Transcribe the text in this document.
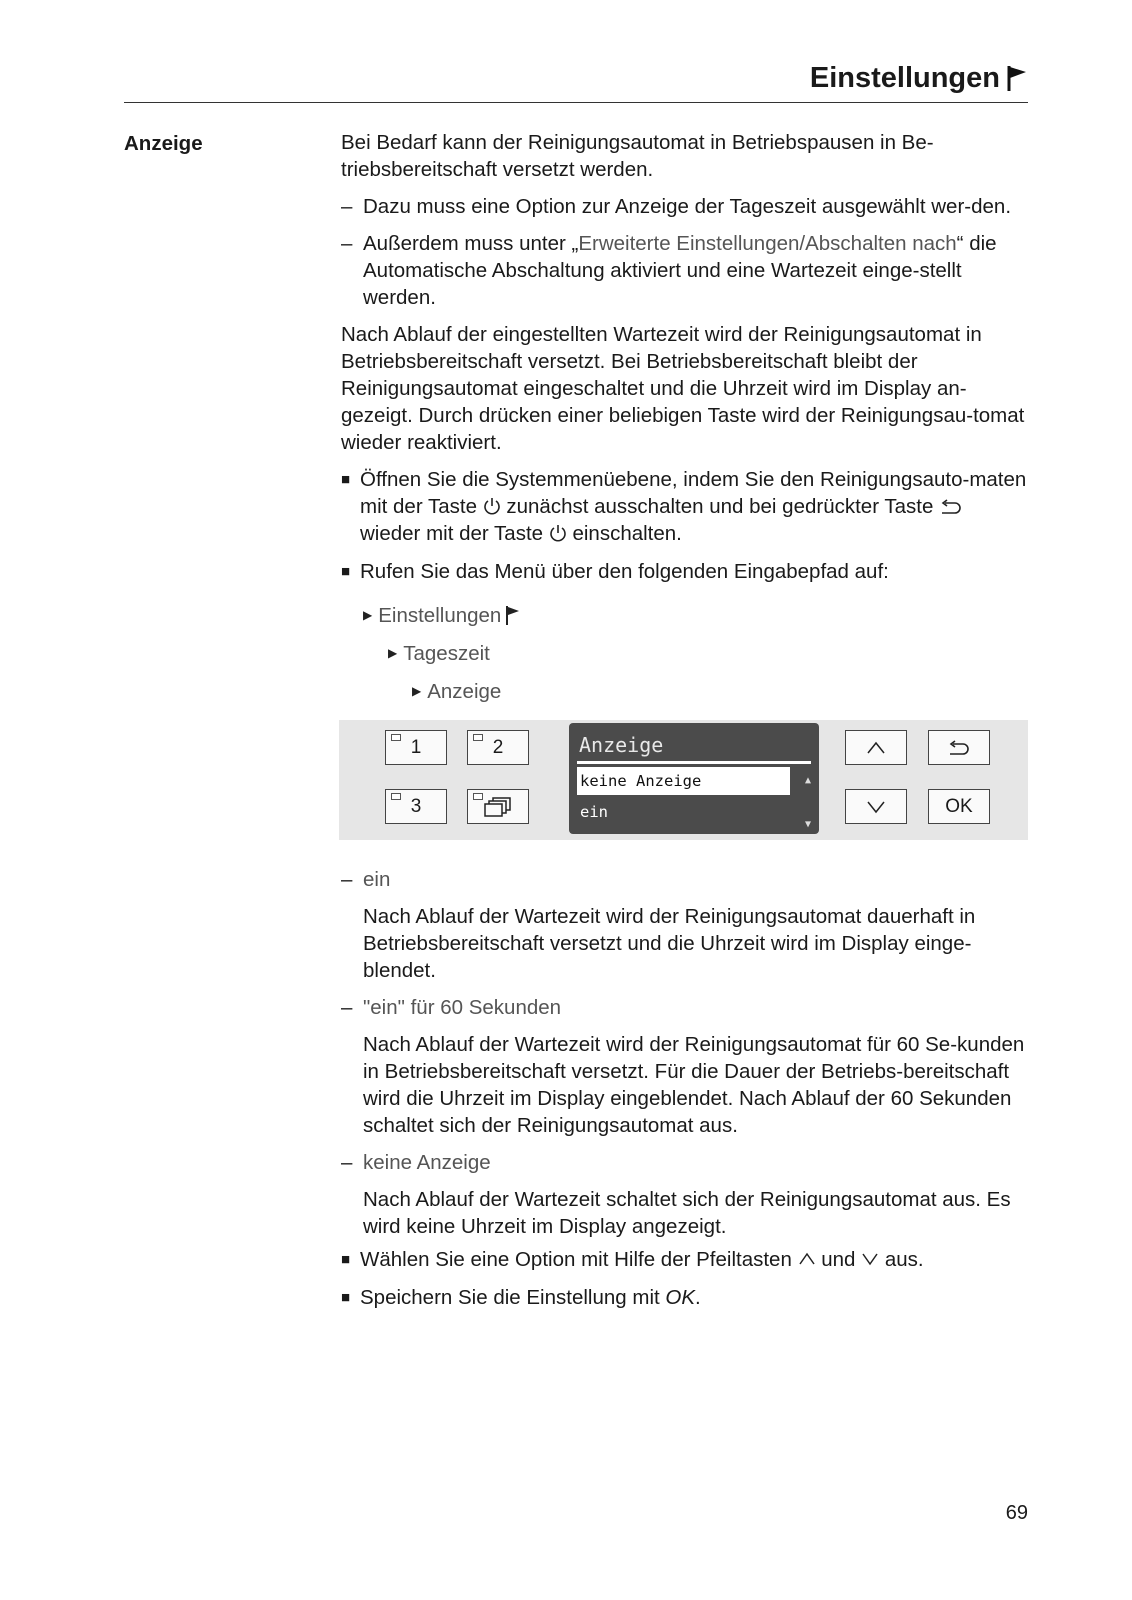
Einstellungen
Anzeige	Bei Bedarf kann der Reinigungsautomat in Betriebspausen in Be-triebsbereitschaft versetzt werden.

– Dazu muss eine Option zur Anzeige der Tageszeit ausgewählt wer-den.
– Außerdem muss unter „Erweiterte Einstellungen/Abschalten nach“ die Automatische Abschaltung aktiviert und eine Wartezeit einge-stellt werden.

Nach Ablauf der eingestellten Wartezeit wird der Reinigungsautomat in Betriebsbereitschaft versetzt. Bei Betriebsbereitschaft bleibt der Reinigungsautomat eingeschaltet und die Uhrzeit wird im Display an-gezeigt. Durch drücken einer beliebigen Taste wird der Reinigungsau-tomat wieder reaktiviert.

■ Öffnen Sie die Systemmenüebene, indem Sie den Reinigungsauto-maten mit der Taste  zunächst ausschalten und bei gedrückter Taste  wieder mit der Taste  einschalten.
■ Rufen Sie das Menü über den folgenden Eingabepfad auf:
▶ Einstellungen
▶ Tageszeit
▶ Anzeige
1	2
3
Anzeige
keine Anzeige
ein
▲
▼
OK
– ein

Nach Ablauf der Wartezeit wird der Reinigungsautomat dauerhaft in Betriebsbereitschaft versetzt und die Uhrzeit wird im Display einge-blendet.

– "ein" für 60 Sekunden

Nach Ablauf der Wartezeit wird der Reinigungsautomat für 60 Se-kunden in Betriebsbereitschaft versetzt. Für die Dauer der Betriebs-bereitschaft wird die Uhrzeit im Display eingeblendet. Nach Ablauf der 60 Sekunden schaltet sich der Reinigungsautomat aus.

– keine Anzeige

Nach Ablauf der Wartezeit schaltet sich der Reinigungsautomat aus. Es wird keine Uhrzeit im Display angezeigt.

■ Wählen Sie eine Option mit Hilfe der Pfeiltasten  und  aus.
■ Speichern Sie die Einstellung mit OK.
69
